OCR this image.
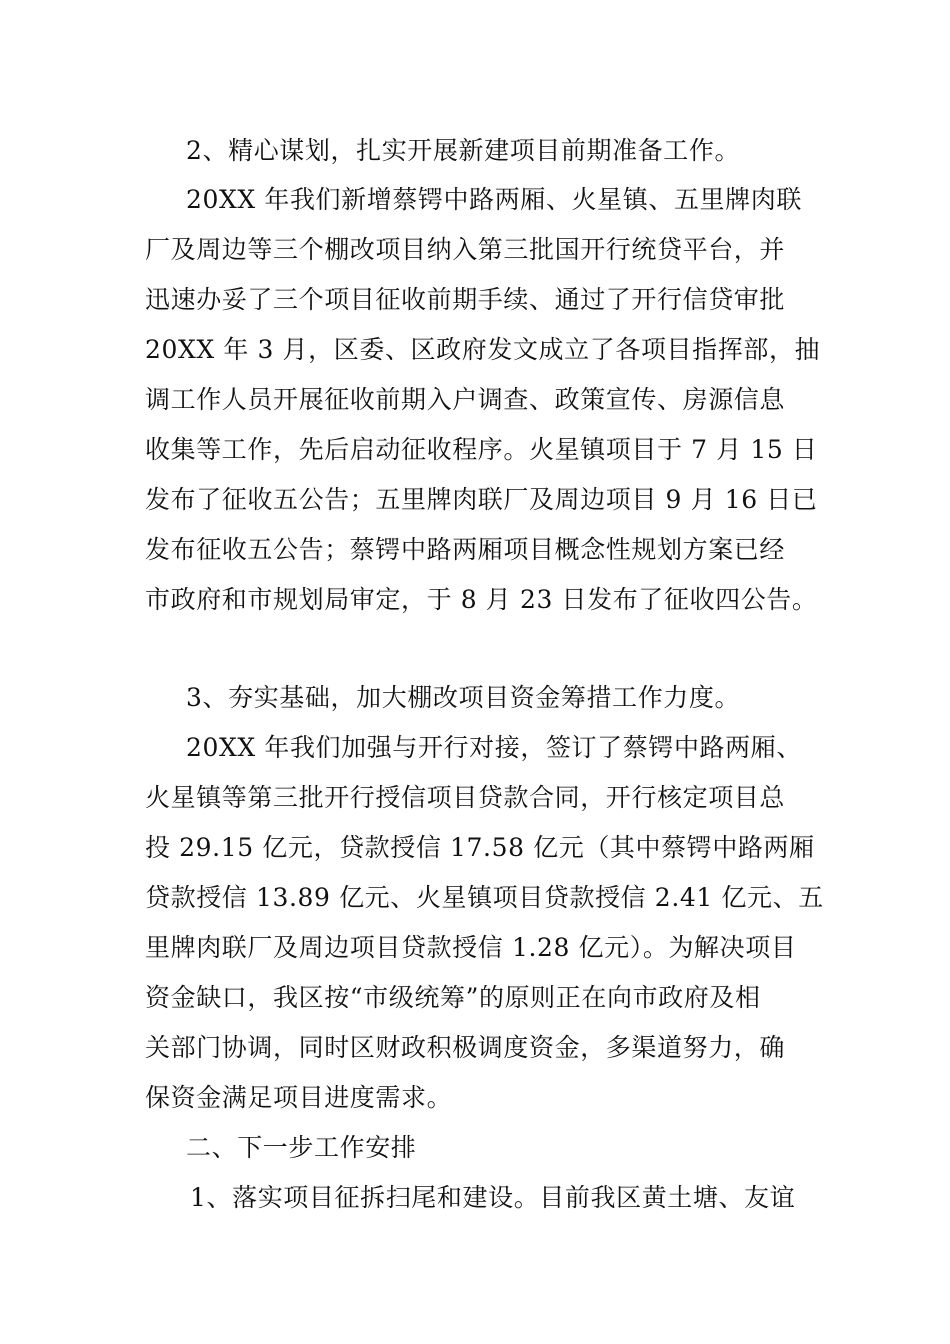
2、精心谋划，扎实开展新建项目前期准备工作。
20XX 年我们新增蔡锷中路两厢、火星镇、五里牌肉联
厂及周边等三个棚改项目纳入第三批国开行统贷平台，并
迅速办妥了三个项目征收前期手续、通过了开行信贷审批
20XX 年 3 月，区委、区政府发文成立了各项目指挥部，抽
调工作人员开展征收前期入户调查、政策宣传、房源信息
收集等工作，先后启动征收程序。火星镇项目于 7 月 15 日
发布了征收五公告；五里牌肉联厂及周边项目 9 月 16 日已
发布征收五公告；蔡锷中路两厢项目概念性规划方案已经
市政府和市规划局审定，于 8 月 23 日发布了征收四公告。
3、夯实基础，加大棚改项目资金筹措工作力度。
20XX 年我们加强与开行对接，签订了蔡锷中路两厢、
火星镇等第三批开行授信项目贷款合同，开行核定项目总
投 29.15 亿元，贷款授信 17.58 亿元（其中蔡锷中路两厢
贷款授信 13.89 亿元、火星镇项目贷款授信 2.41 亿元、五
里牌肉联厂及周边项目贷款授信 1.28 亿元）。为解决项目
资金缺口，我区按“市级统筹”的原则正在向市政府及相
关部门协调，同时区财政积极调度资金，多渠道努力，确
保资金满足项目进度需求。
二、下一步工作安排
1、落实项目征拆扫尾和建设。目前我区黄土塘、友谊
